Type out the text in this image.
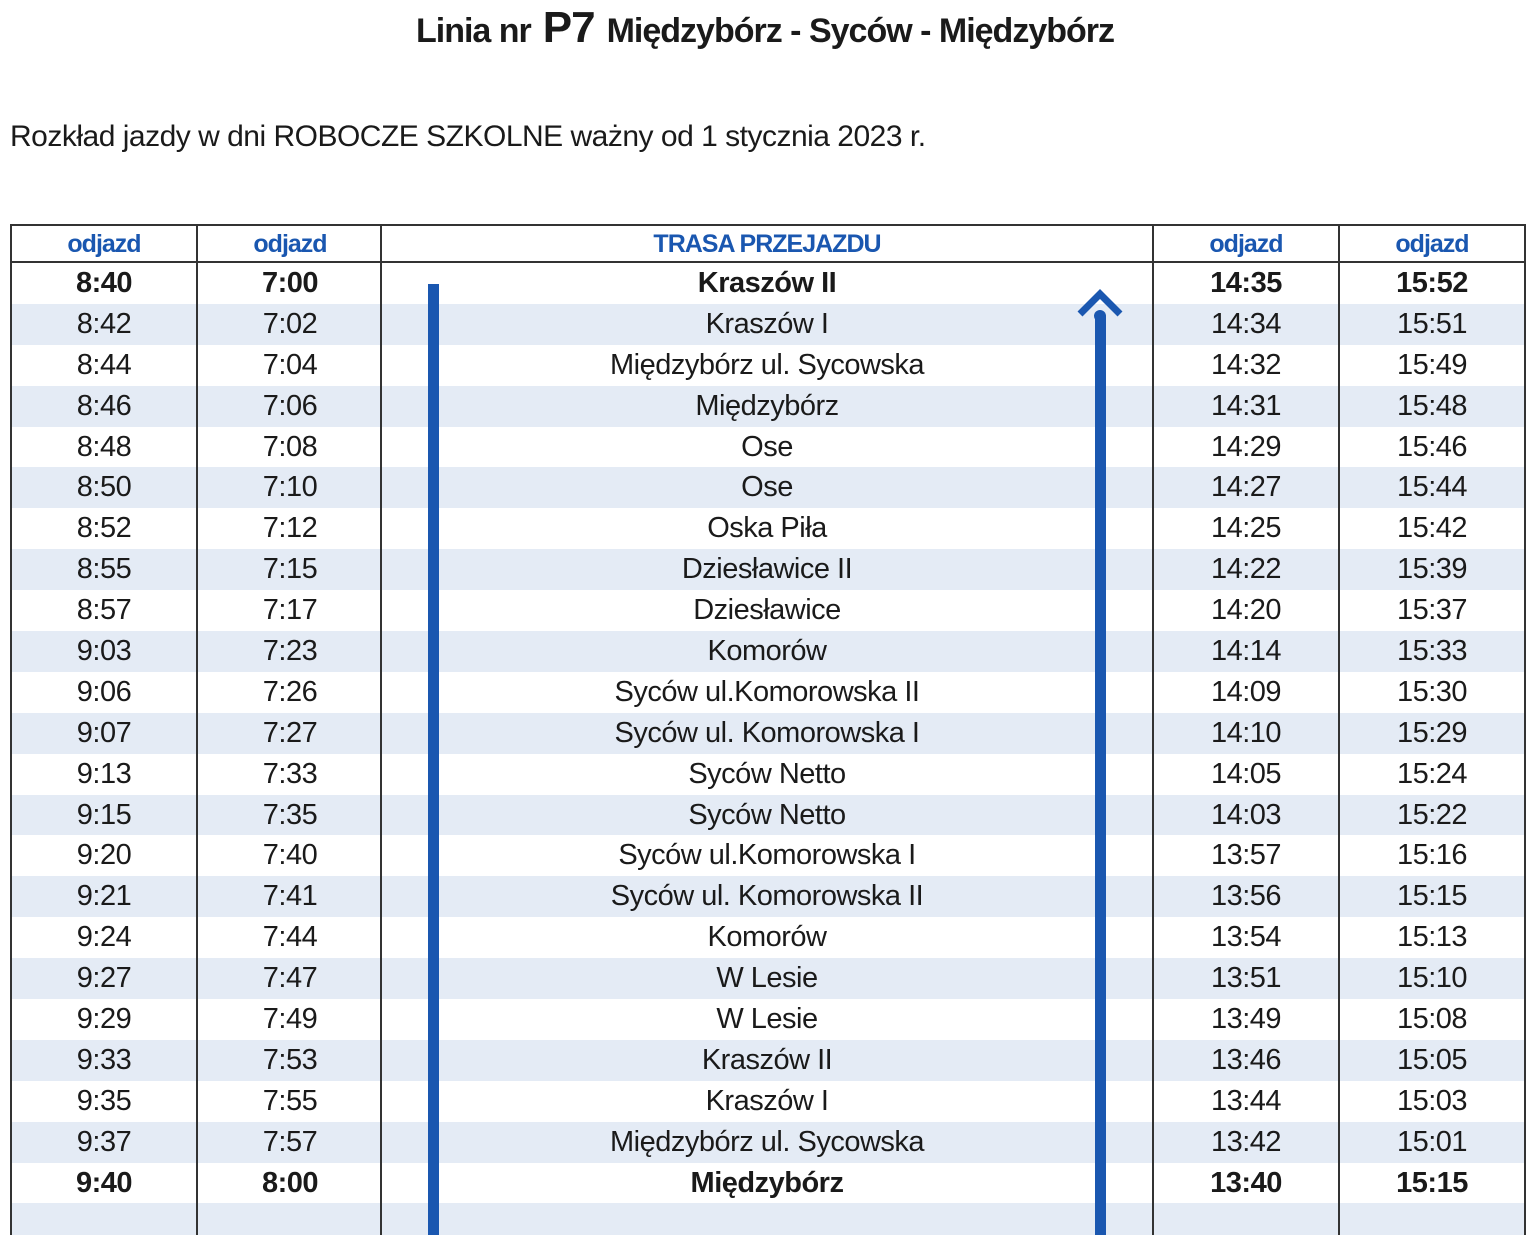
Linia nr P7 Międzybórz - Syców - Międzybórz
Rozkład jazdy w dni ROBOCZE SZKOLNE ważny od 1 stycznia 2023 r.
odjazd	odjazd	TRASA PRZEJAZDU	odjazd	odjazd
8:40	7:00	Kraszów II	14:35	15:52
8:42	7:02	Kraszów I	14:34	15:51
8:44	7:04	Międzybórz ul. Sycowska	14:32	15:49
8:46	7:06	Międzybórz	14:31	15:48
8:48	7:08	Ose	14:29	15:46
8:50	7:10	Ose	14:27	15:44
8:52	7:12	Oska Piła	14:25	15:42
8:55	7:15	Dziesławice II	14:22	15:39
8:57	7:17	Dziesławice	14:20	15:37
9:03	7:23	Komorów	14:14	15:33
9:06	7:26	Syców ul.Komorowska II	14:09	15:30
9:07	7:27	Syców ul. Komorowska I	14:10	15:29
9:13	7:33	Syców Netto	14:05	15:24
9:15	7:35	Syców Netto	14:03	15:22
9:20	7:40	Syców ul.Komorowska I	13:57	15:16
9:21	7:41	Syców ul. Komorowska II	13:56	15:15
9:24	7:44	Komorów	13:54	15:13
9:27	7:47	W Lesie	13:51	15:10
9:29	7:49	W Lesie	13:49	15:08
9:33	7:53	Kraszów II	13:46	15:05
9:35	7:55	Kraszów I	13:44	15:03
9:37	7:57	Międzybórz ul. Sycowska	13:42	15:01
9:40	8:00	Międzybórz	13:40	15:15
